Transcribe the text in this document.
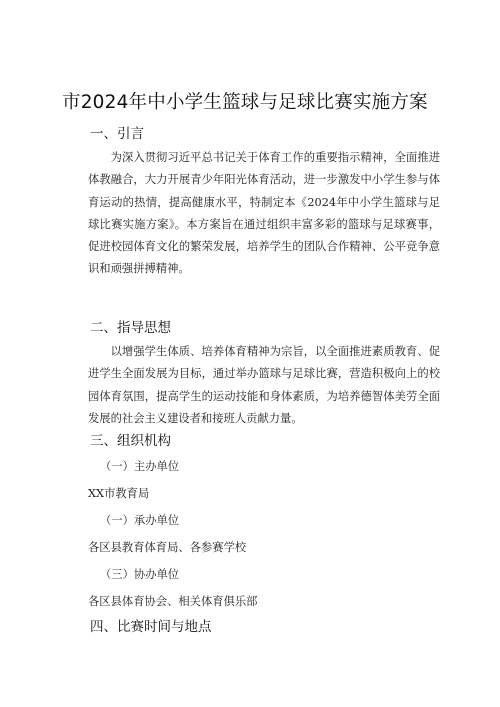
市2024年中小学生篮球与足球比赛实施方案
一、引言
为深入贯彻习近平总书记关于体育工作的重要指示精神，全面推进体教融合，大力开展青少年阳光体育活动，进一步激发中小学生参与体育运动的热情，提高健康水平，特制定本《2024年中小学生篮球与足球比赛实施方案》。本方案旨在通过组织丰富多彩的篮球与足球赛事，促进校园体育文化的繁荣发展，培养学生的团队合作精神、公平竞争意识和顽强拼搏精神。
二、指导思想
以增强学生体质、培养体育精神为宗旨，以全面推进素质教育、促进学生全面发展为目标，通过举办篮球与足球比赛，营造积极向上的校园体育氛围，提高学生的运动技能和身体素质，为培养德智体美劳全面发展的社会主义建设者和接班人贡献力量。
三、组织机构
（一）主办单位
XX市教育局
（一）承办单位
各区县教育体育局、各参赛学校
（三）协办单位
各区县体育协会、相关体育俱乐部
四、比赛时间与地点
